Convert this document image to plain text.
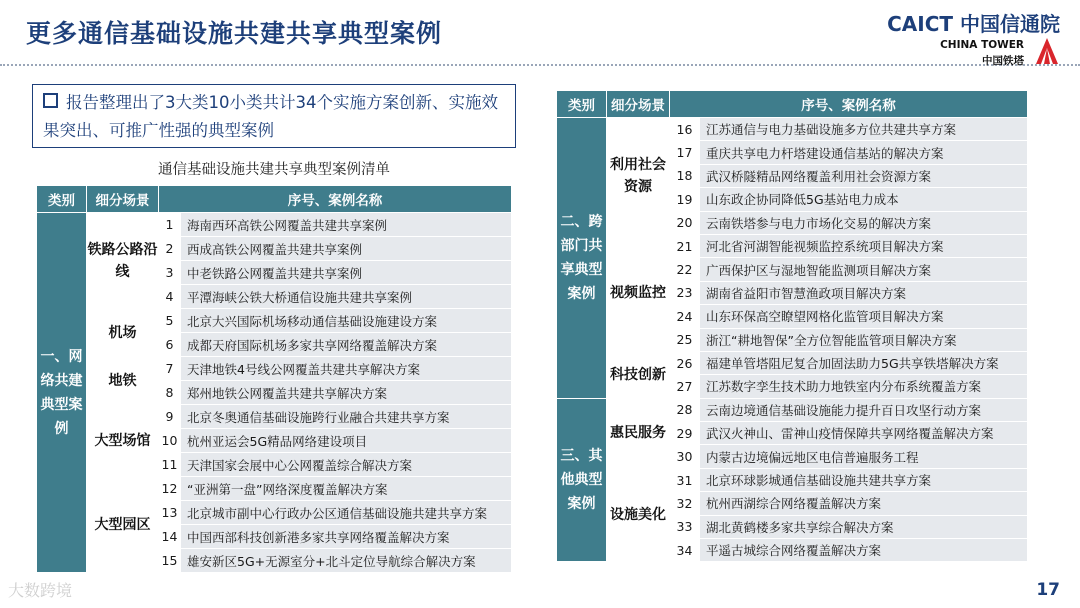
更多通信基础设施共建共享典型案例	CAICT 中国信通院
CHINA TOWER
中国铁塔
报告整理出了3大类10小类共计34个实施方案创新、实施效果突出、可推广性强的典型案例
通信基础设施共建共享典型案例清单
类别	细分场景	序号、案例名称	
一、网络共建典型案例	铁路公路沿线	1	海南西环高铁公网覆盖共建共享案例
		2	西成高铁公网覆盖共建共享案例
		3	中老铁路公网覆盖共建共享案例
		4	平潭海峡公铁大桥通信设施共建共享案例
	机场	5	北京大兴国际机场移动通信基础设施建设方案
		6	成都天府国际机场多家共享网络覆盖解决方案
	地铁	7	天津地铁4号线公网覆盖共建共享解决方案
		8	郑州地铁公网覆盖共建共享解决方案
	大型场馆	9	北京冬奥通信基础设施跨行业融合共建共享方案
		10	杭州亚运会5G精品网络建设项目
		11	天津国家会展中心公网覆盖综合解决方案
	大型园区	12	“亚洲第一盘”网络深度覆盖解决方案
		13	北京城市副中心行政办公区通信基础设施共建共享方案
		14	中国西部科技创新港多家共享网络覆盖解决方案
		15	雄安新区5G+无源室分+北斗定位导航综合解决方案
类别	细分场景	序号、案例名称	
二、跨部门共享典型案例	利用社会资源	16	江苏通信与电力基础设施多方位共建共享方案
		17	重庆共享电力杆塔建设通信基站的解决方案
		18	武汉桥隧精品网络覆盖利用社会资源方案
		19	山东政企协同降低5G基站电力成本
		20	云南铁塔参与电力市场化交易的解决方案
	视频监控	21	河北省河湖智能视频监控系统项目解决方案
		22	广西保护区与湿地智能监测项目解决方案
		23	湖南省益阳市智慧渔政项目解决方案
		24	山东环保高空瞭望网格化监管项目解决方案
		25	浙江“耕地智保”全方位智能监管项目解决方案
	科技创新	26	福建单管塔阻尼复合加固法助力5G共享铁塔解决方案
		27	江苏数字孪生技术助力地铁室内分布系统覆盖方案
三、其他典型案例	惠民服务	28	云南边境通信基础设施能力提升百日攻坚行动方案
		29	武汉火神山、雷神山疫情保障共享网络覆盖解决方案
		30	内蒙古边境偏远地区电信普遍服务工程
	设施美化	31	北京环球影城通信基础设施共建共享方案
		32	杭州西湖综合网络覆盖解决方案
		33	湖北黄鹤楼多家共享综合解决方案
		34	平遥古城综合网络覆盖解决方案
大数跨境	17
